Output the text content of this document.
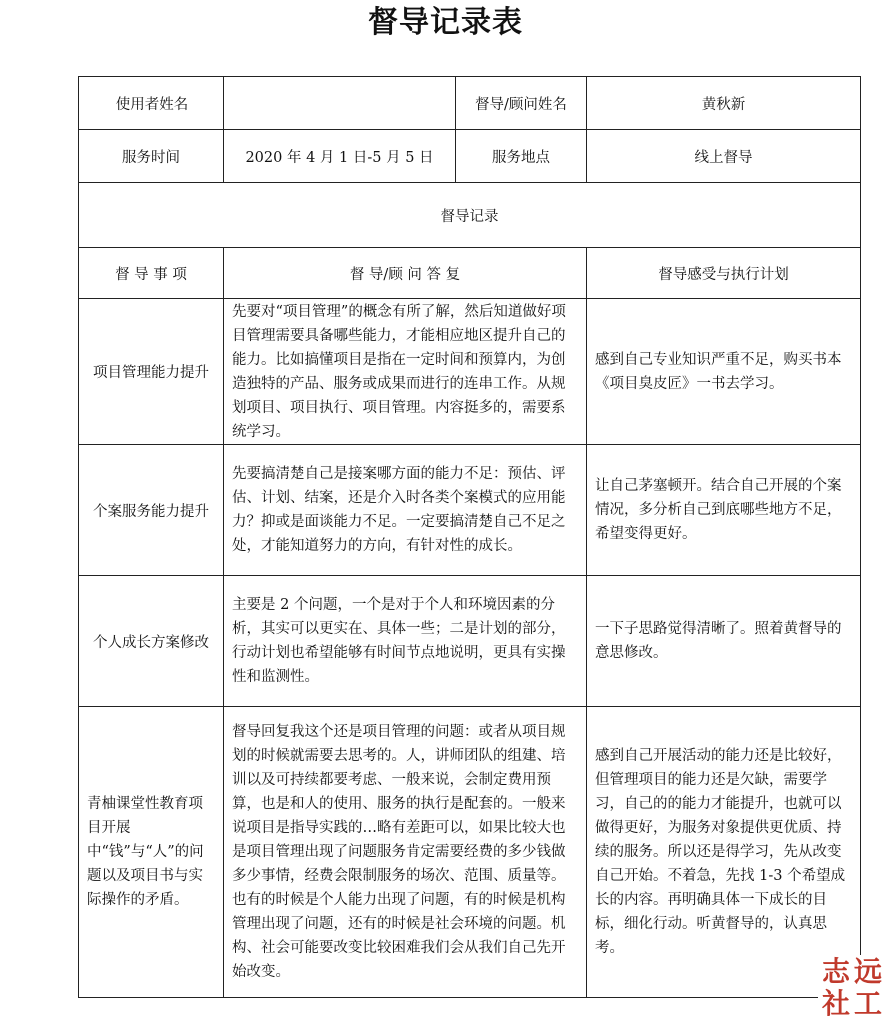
督导记录表
使用者姓名		督导/顾问姓名	黄秋新
服务时间	2020 年 4 月 1 日-5 月 5 日	服务地点	线上督导
督导记录			
督 导 事 项	督 导/顾 问 答 复		督导感受与执行计划
项目管理能力提升	先要对“项目管理”的概念有所了解，然后知道做好项目管理需要具备哪些能力，才能相应地区提升自己的能力。比如搞懂项目是指在一定时间和预算内，为创造独特的产品、服务或成果而进行的连串工作。从规划项目、项目执行、项目管理。内容挺多的，需要系统学习。		感到自己专业知识严重不足，购买书本《项目臭皮匠》一书去学习。
个案服务能力提升	先要搞清楚自己是接案哪方面的能力不足：预估、评估、计划、结案，还是介入时各类个案模式的应用能力？抑或是面谈能力不足。一定要搞清楚自己不足之处，才能知道努力的方向，有针对性的成长。		让自己茅塞顿开。结合自己开展的个案情况，多分析自己到底哪些地方不足，希望变得更好。
个人成长方案修改	主要是 2 个问题，一个是对于个人和环境因素的分析，其实可以更实在、具体一些；二是计划的部分，行动计划也希望能够有时间节点地说明，更具有实操性和监测性。		一下子思路觉得清晰了。照着黄督导的意思修改。
青柚课堂性教育项目开展中“钱”与“人”的问题以及项目书与实际操作的矛盾。	督导回复我这个还是项目管理的问题：或者从项目规划的时候就需要去思考的。人，讲师团队的组建、培训以及可持续都要考虑、一般来说，会制定费用预算，也是和人的使用、服务的执行是配套的。一般来说项目是指导实践的…略有差距可以，如果比较大也是项目管理出现了问题服务肯定需要经费的多少钱做多少事情，经费会限制服务的场次、范围、质量等。也有的时候是个人能力出现了问题，有的时候是机构管理出现了问题，还有的时候是社会环境的问题。机构、社会可能要改变比较困难我们会从我们自己先开始改变。		感到自己开展活动的能力还是比较好，但管理项目的能力还是欠缺，需要学习，自己的的能力才能提升，也就可以做得更好，为服务对象提供更优质、持续的服务。所以还是得学习，先从改变自己开始。不着急，先找 1-3 个希望成长的内容。再明确具体一下成长的目标，细化行动。听黄督导的，认真思考。
志 远
社 工
